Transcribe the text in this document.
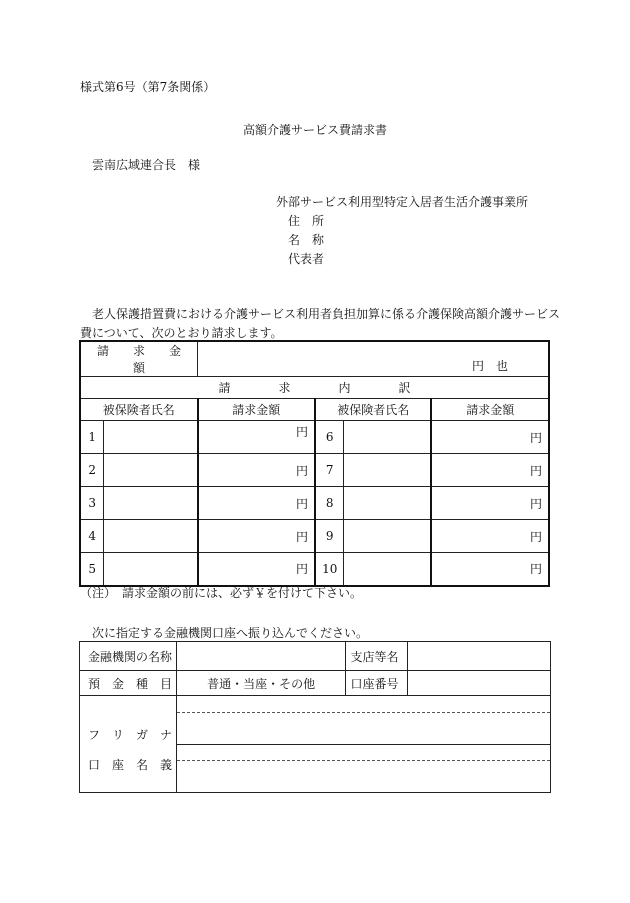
様式第6号（第7条関係）
高額介護サービス費請求書
雲南広域連合長　様
外部サービス利用型特定入居者生活介護事業所
住　所
名　称
代表者
老人保護措置費における介護サービス利用者負担加算に係る介護保険高額介護サービス
費について、次のとおり請求します。
請　　求　　金　　額		円　也			

請　　　　求　　　　内　　　　訳					
被保険者氏名		請求金額	被保険者氏名		請求金額
1		円	6		円
2		円	7		円
3		円	8		円
4		円	9		円
5		円	10		円
（注）　請求金額の前には、必ず￥を付けて下さい。
次に指定する金融機関口座へ振り込んでください。
金融機関の名称		支店等名	
預　金　種　目	普通・当座・その他	口座番号	

フ　リ　ガ　ナ
口　座　名　義			
